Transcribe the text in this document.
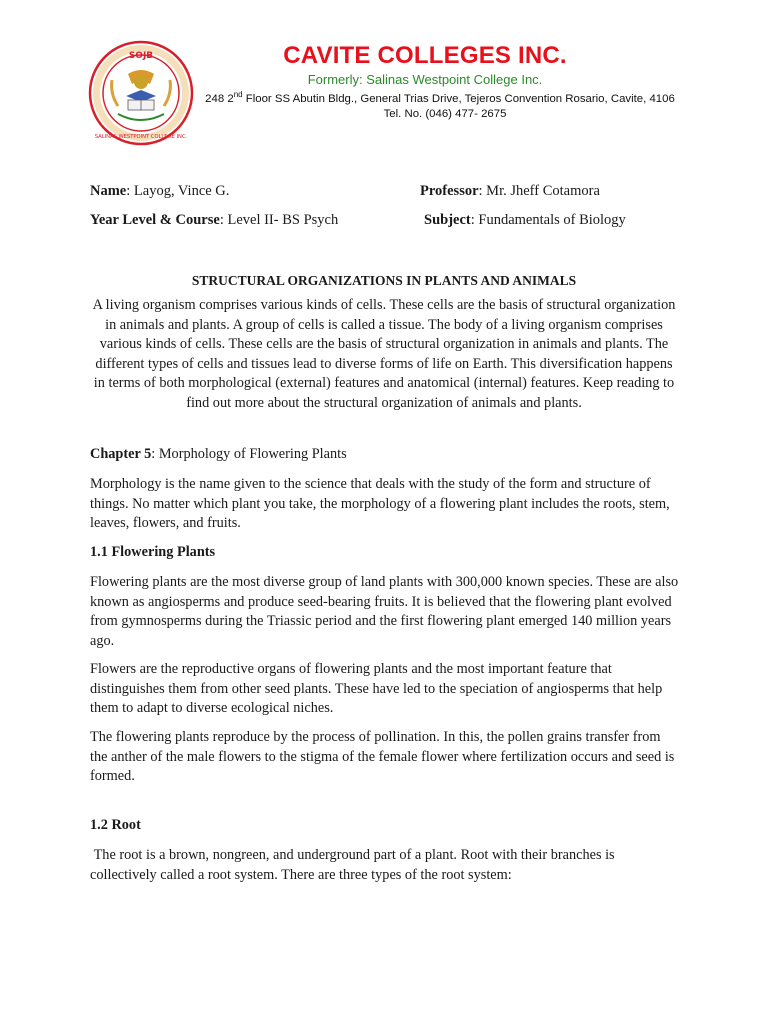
SOJB
SALINAS WESTPOINT COLLEGE INC.
CAVITE COLLEGES INC.
Formerly: Salinas Westpoint College Inc.
248 2nd Floor SS Abutin Bldg., General Trias Drive, Tejeros Convention Rosario, Cavite, 4106
Tel. No. (046) 477- 2675
Name: Layog, Vince G.	Professor: Mr. Jheff Cotamora
Year Level & Course: Level II- BS Psych	Subject: Fundamentals of Biology
STRUCTURAL ORGANIZATIONS IN PLANTS AND ANIMALS
A living organism comprises various kinds of cells. These cells are the basis of structural organization in animals and plants. A group of cells is called a tissue. The body of a living organism comprises various kinds of cells. These cells are the basis of structural organization in animals and plants. The different types of cells and tissues lead to diverse forms of life on Earth. This diversification happens in terms of both morphological (external) features and anatomical (internal) features. Keep reading to find out more about the structural organization of animals and plants.
Chapter 5: Morphology of Flowering Plants
Morphology is the name given to the science that deals with the study of the form and structure of things. No matter which plant you take, the morphology of a flowering plant includes the roots, stem, leaves, flowers, and fruits.
1.1 Flowering Plants
Flowering plants are the most diverse group of land plants with 300,000 known species. These are also known as angiosperms and produce seed-bearing fruits. It is believed that the flowering plant evolved from gymnosperms during the Triassic period and the first flowering plant emerged 140 million years ago.
Flowers are the reproductive organs of flowering plants and the most important feature that distinguishes them from other seed plants. These have led to the speciation of angiosperms that help them to adapt to diverse ecological niches.
The flowering plants reproduce by the process of pollination. In this, the pollen grains transfer from the anther of the male flowers to the stigma of the female flower where fertilization occurs and seed is formed.
1.2 Root
The root is a brown, nongreen, and underground part of a plant. Root with their branches is collectively called a root system. There are three types of the root system:
